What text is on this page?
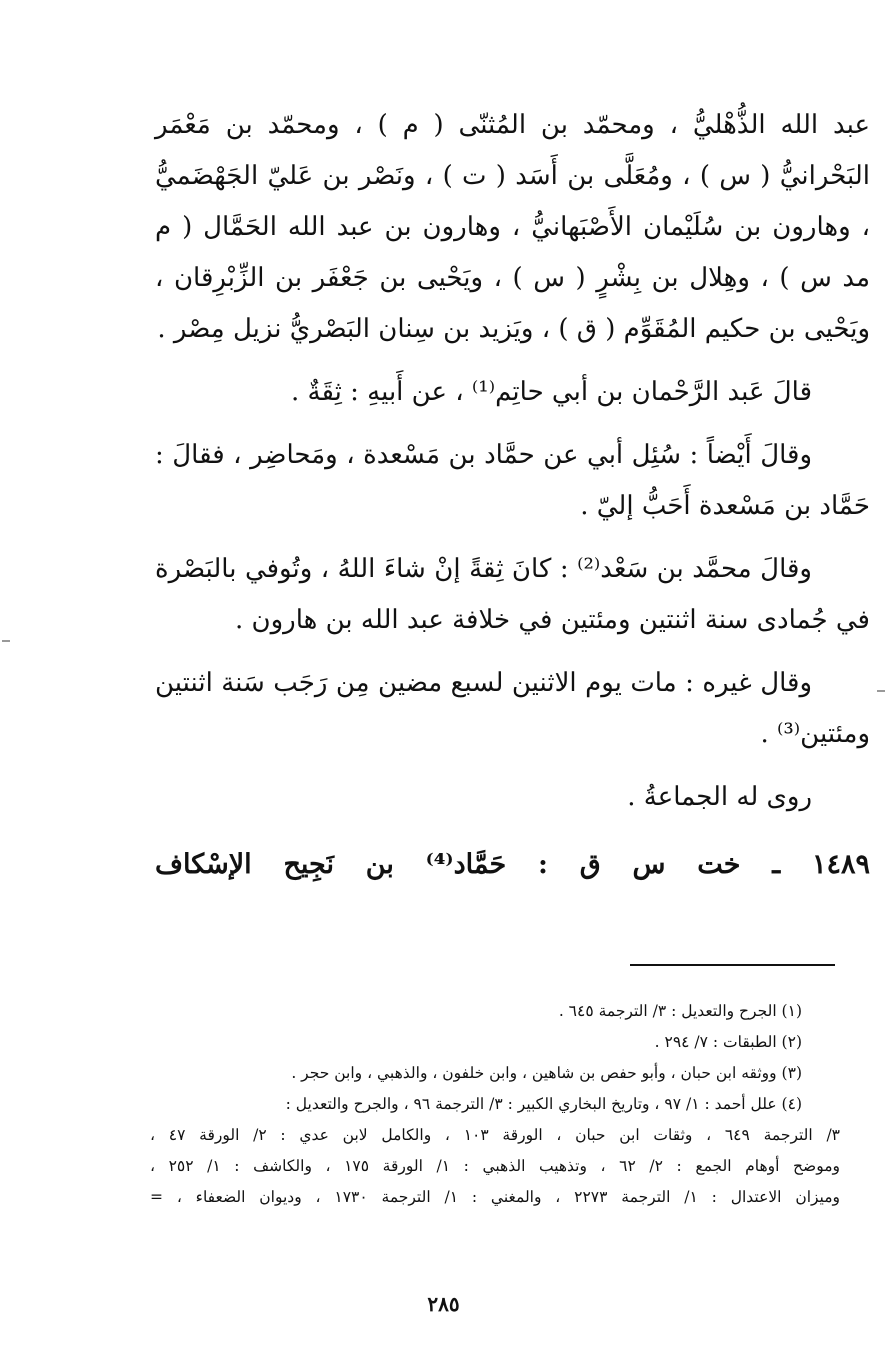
عبد الله الذُّهْليُّ ، ومحمّد بن المُثنّى ( م ) ، ومحمّد بن مَعْمَر البَحْرانيُّ ( س ) ، ومُعَلَّى بن أَسَد ( ت ) ، ونَصْر بن عَليّ الجَهْضَميُّ ، وهارون بن سُلَيْمان الأَصْبَهانيُّ ، وهارون بن عبد الله الحَمَّال ( م مد س ) ، وهِلال بن بِشْرٍ ( س ) ، ويَحْيى بن جَعْفَر بن الزِّبْرِقان ، ويَحْيى بن حكيم المُقَوِّم ( ق ) ، ويَزيد بن سِنان البَصْريُّ نزيل مِصْر .

قالَ عَبد الرَّحْمان بن أبي حاتِم⁽¹⁾ ، عن أَبيهِ : ثِقَةٌ .

وقالَ أَيْضاً : سُئِل أبي عن حمَّاد بن مَسْعدة ، ومَحاضِر ، فقالَ : حَمَّاد بن مَسْعدة أَحَبُّ إليّ .

وقالَ محمَّد بن سَعْد⁽²⁾ : كانَ ثِقةً إنْ شاءَ اللهُ ، وتُوفي بالبَصْرة في جُمادى سنة اثنتين ومئتين في خلافة عبد الله بن هارون .

وقال غيره : مات يوم الاثنين لسبع مضين مِن رَجَب سَنة اثنتين ومئتين⁽³⁾ .

روى له الجماعةُ .

١٤٨٩ ـ خت س ق : حَمَّاد⁽⁴⁾ بن نَجِيح الإسْكاف

(١) الجرح والتعديل : ٣/ الترجمة ٦٤٥ .

(٢) الطبقات : ٧/ ٢٩٤ .

(٣) ووثقه ابن حبان ، وأبو حفص بن شاهين ، وابن خلفون ، والذهبي ، وابن حجر .

(٤) علل أحمد : ١/ ٩٧ ، وتاريخ البخاري الكبير : ٣/ الترجمة ٩٦ ، والجرح والتعديل :

٣/ الترجمة ٦٤٩ ، وثقات ابن حبان ، الورقة ١٠٣ ، والكامل لابن عدي : ٢/ الورقة ٤٧ ،

وموضح أوهام الجمع : ٢/ ٦٢ ، وتذهيب الذهبي : ١/ الورقة ١٧٥ ، والكاشف : ١/ ٢٥٢ ،

وميزان الاعتدال : ١/ الترجمة ٢٢٧٣ ، والمغني : ١/ الترجمة ١٧٣٠ ، وديوان الضعفاء ، =

٢٨٥
